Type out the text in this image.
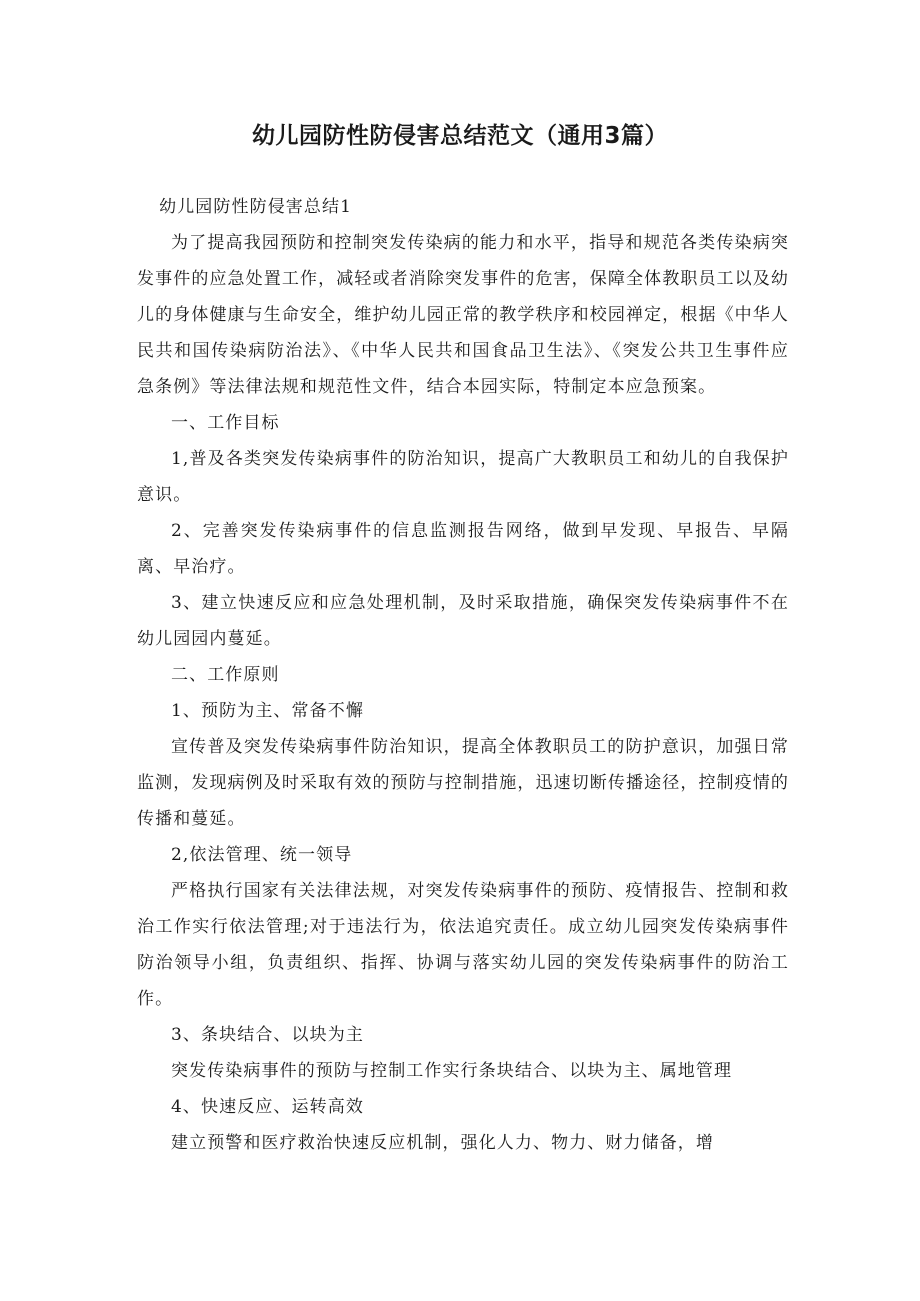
幼儿园防性防侵害总结范文（通用3篇）

幼儿园防性防侵害总结1

为了提高我园预防和控制突发传染病的能力和水平，指导和规范各类传染病突发事件的应急处置工作，减轻或者消除突发事件的危害，保障全体教职员工以及幼儿的身体健康与生命安全，维护幼儿园正常的教学秩序和校园禅定，根据《中华人民共和国传染病防治法》、《中华人民共和国食品卫生法》、《突发公共卫生事件应急条例》等法律法规和规范性文件，结合本园实际，特制定本应急预案。

一、工作目标

1,普及各类突发传染病事件的防治知识，提高广大教职员工和幼儿的自我保护意识。

2、完善突发传染病事件的信息监测报告网络，做到早发现、早报告、早隔离、早治疗。

3、建立快速反应和应急处理机制，及时采取措施，确保突发传染病事件不在幼儿园园内蔓延。

二、工作原则

1、预防为主、常备不懈

宣传普及突发传染病事件防治知识，提高全体教职员工的防护意识，加强日常监测，发现病例及时采取有效的预防与控制措施，迅速切断传播途径，控制疫情的传播和蔓延。

2,依法管理、统一领导

严格执行国家有关法律法规，对突发传染病事件的预防、疫情报告、控制和救治工作实行依法管理;对于违法行为，依法追究责任。成立幼儿园突发传染病事件防治领导小组，负责组织、指挥、协调与落实幼儿园的突发传染病事件的防治工作。

3、条块结合、以块为主

突发传染病事件的预防与控制工作实行条块结合、以块为主、属地管理

4、快速反应、运转高效

建立预警和医疗救治快速反应机制，强化人力、物力、财力储备，增
